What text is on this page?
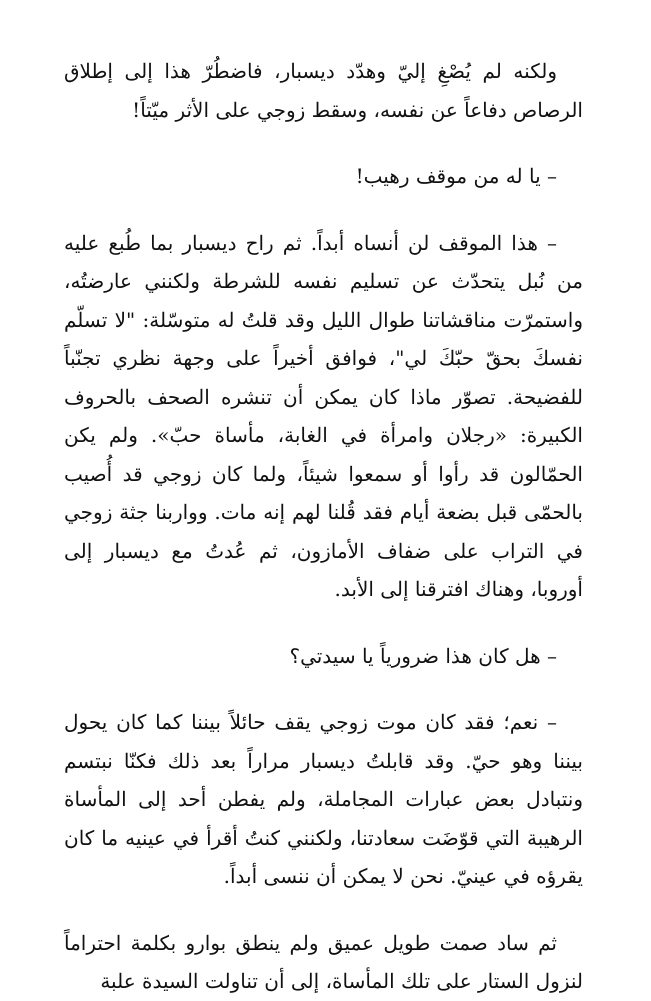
ولكنه لم يُصْغِ إليّ وهدّد ديسبار، فاضطُرّ هذا إلى إطلاق الرصاص دفاعاً عن نفسه، وسقط زوجي على الأثر ميّتاً!

– يا له من موقف رهيب!

– هذا الموقف لن أنساه أبداً. ثم راح ديسبار بما طُبع عليه من نُبل يتحدّث عن تسليم نفسه للشرطة ولكنني عارضتُه، واستمرّت مناقشاتنا طوال الليل وقد قلتُ له متوسّلة: "لا تسلّم نفسكَ بحقّ حبّكَ لي"، فوافق أخيراً على وجهة نظري تجنّباً للفضيحة. تصوّر ماذا كان يمكن أن تنشره الصحف بالحروف الكبيرة: «رجلان وامرأة في الغابة، مأساة حبّ». ولم يكن الحمّالون قد رأوا أو سمعوا شيئاً، ولما كان زوجي قد أُصيب بالحمّى قبل بضعة أيام فقد قُلنا لهم إنه مات. وواربنا جثة زوجي في التراب على ضفاف الأمازون، ثم عُدتُ مع ديسبار إلى أوروبا، وهناك افترقنا إلى الأبد.

– هل كان هذا ضرورياً يا سيدتي؟

– نعم؛ فقد كان موت زوجي يقف حائلاً بيننا كما كان يحول بيننا وهو حيّ. وقد قابلتُ ديسبار مراراً بعد ذلك فكنّا نبتسم ونتبادل بعض عبارات المجاملة، ولم يفطن أحد إلى المأساة الرهيبة التي قوّضَت سعادتنا، ولكنني كنتُ أقرأ في عينيه ما كان يقرؤه في عينيّ. نحن لا يمكن أن ننسى أبداً.

ثم ساد صمت طويل عميق ولم ينطق بوارو بكلمة احتراماً لنزول الستار على تلك المأساة، إلى أن تناولت السيدة علبة
